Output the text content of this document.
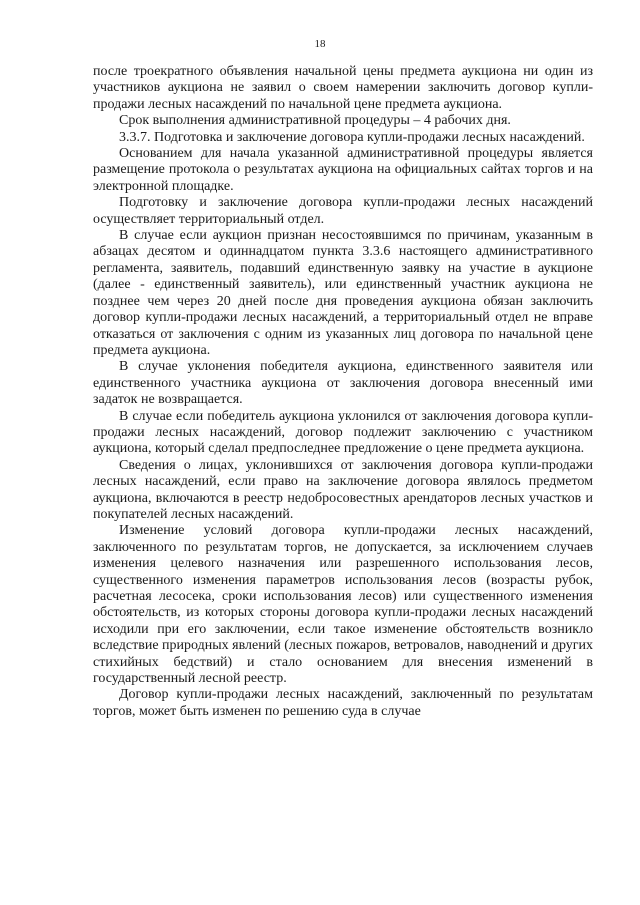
18

после троекратного объявления начальной цены предмета аукциона ни один из участников аукциона не заявил о своем намерении заключить договор купли-продажи лесных насаждений по начальной цене предмета аукциона.

Срок выполнения административной процедуры – 4 рабочих дня.

3.3.7. Подготовка и заключение договора купли-продажи лесных насаждений.

Основанием для начала указанной административной процедуры является размещение протокола о результатах аукциона на официальных сайтах торгов и на электронной площадке.

Подготовку и заключение договора купли-продажи лесных насаждений осуществляет территориальный отдел.

В случае если аукцион признан несостоявшимся по причинам, указанным в абзацах десятом и одиннадцатом пункта 3.3.6 настоящего административного регламента, заявитель, подавший единственную заявку на участие в аукционе (далее - единственный заявитель), или единственный участник аукциона не позднее чем через 20 дней после дня проведения аукциона обязан заключить договор купли-продажи лесных насаждений, а территориальный отдел не вправе отказаться от заключения с одним из указанных лиц договора по начальной цене предмета аукциона.

В случае уклонения победителя аукциона, единственного заявителя или единственного участника аукциона от заключения договора внесенный ими задаток не возвращается.

В случае если победитель аукциона уклонился от заключения договора купли-продажи лесных насаждений, договор подлежит заключению с участником аукциона, который сделал предпоследнее предложение о цене предмета аукциона.

Сведения о лицах, уклонившихся от заключения договора купли-продажи лесных насаждений, если право на заключение договора являлось предметом аукциона, включаются в реестр недобросовестных арендаторов лесных участков и покупателей лесных насаждений.

Изменение условий договора купли-продажи лесных насаждений, заключенного по результатам торгов, не допускается, за исключением случаев изменения целевого назначения или разрешенного использования лесов, существенного изменения параметров использования лесов (возрасты рубок, расчетная лесосека, сроки использования лесов) или существенного изменения обстоятельств, из которых стороны договора купли-продажи лесных насаждений исходили при его заключении, если такое изменение обстоятельств возникло вследствие природных явлений (лесных пожаров, ветровалов, наводнений и других стихийных бедствий) и стало основанием для внесения изменений в государственный лесной реестр.

Договор купли-продажи лесных насаждений, заключенный по результатам торгов, может быть изменен по решению суда в случае
